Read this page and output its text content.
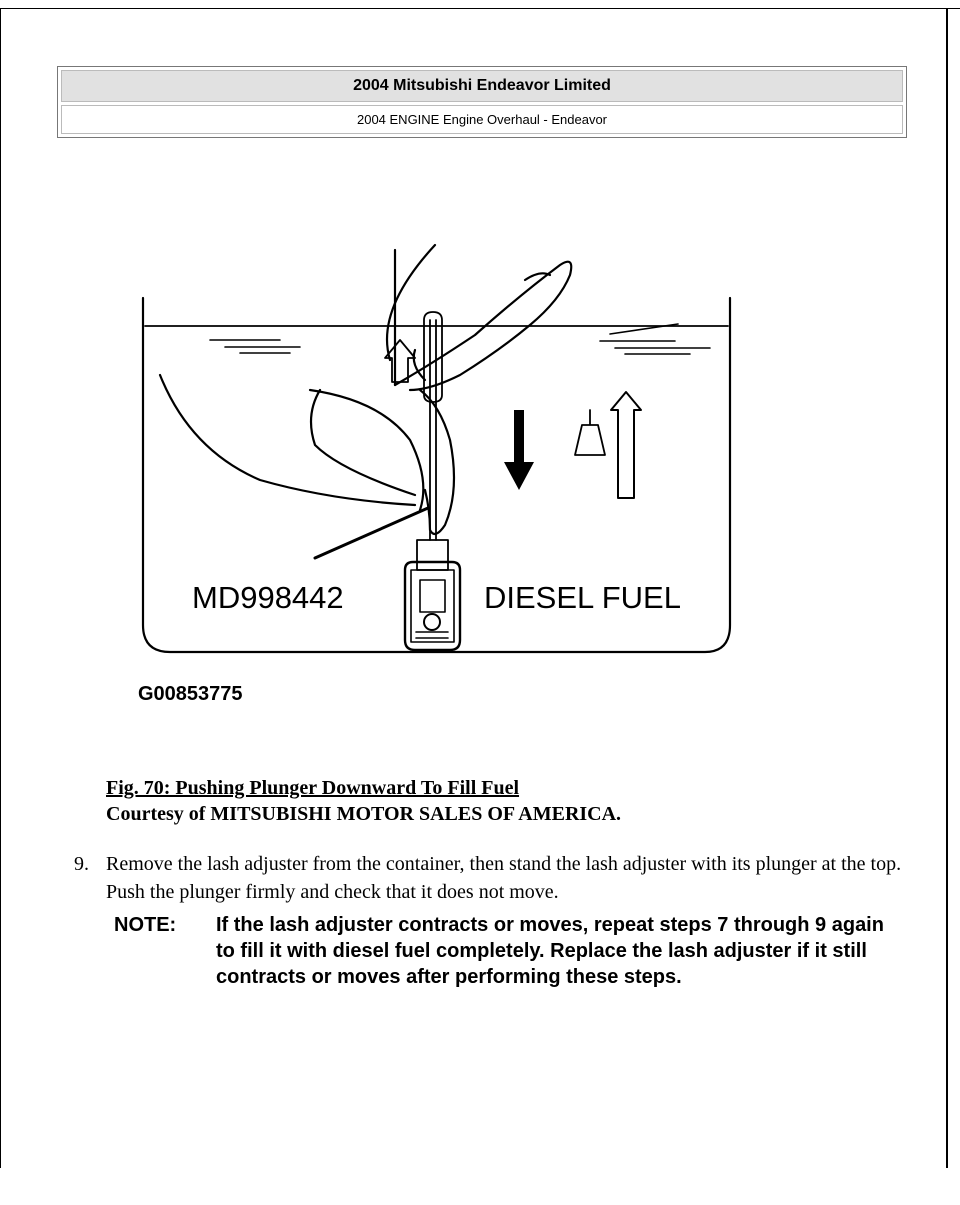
2004 Mitsubishi Endeavor Limited
2004 ENGINE Engine Overhaul - Endeavor
MD998442	DIESEL FUEL
G00853775
Fig. 70: Pushing Plunger Downward To Fill Fuel
Courtesy of MITSUBISHI MOTOR SALES OF AMERICA.
9. Remove the lash adjuster from the container, then stand the lash adjuster with its plunger at the top. Push the plunger firmly and check that it does not move.
NOTE: If the lash adjuster contracts or moves, repeat steps 7 through 9 again to fill it with diesel fuel completely. Replace the lash adjuster if it still contracts or moves after performing these steps.
